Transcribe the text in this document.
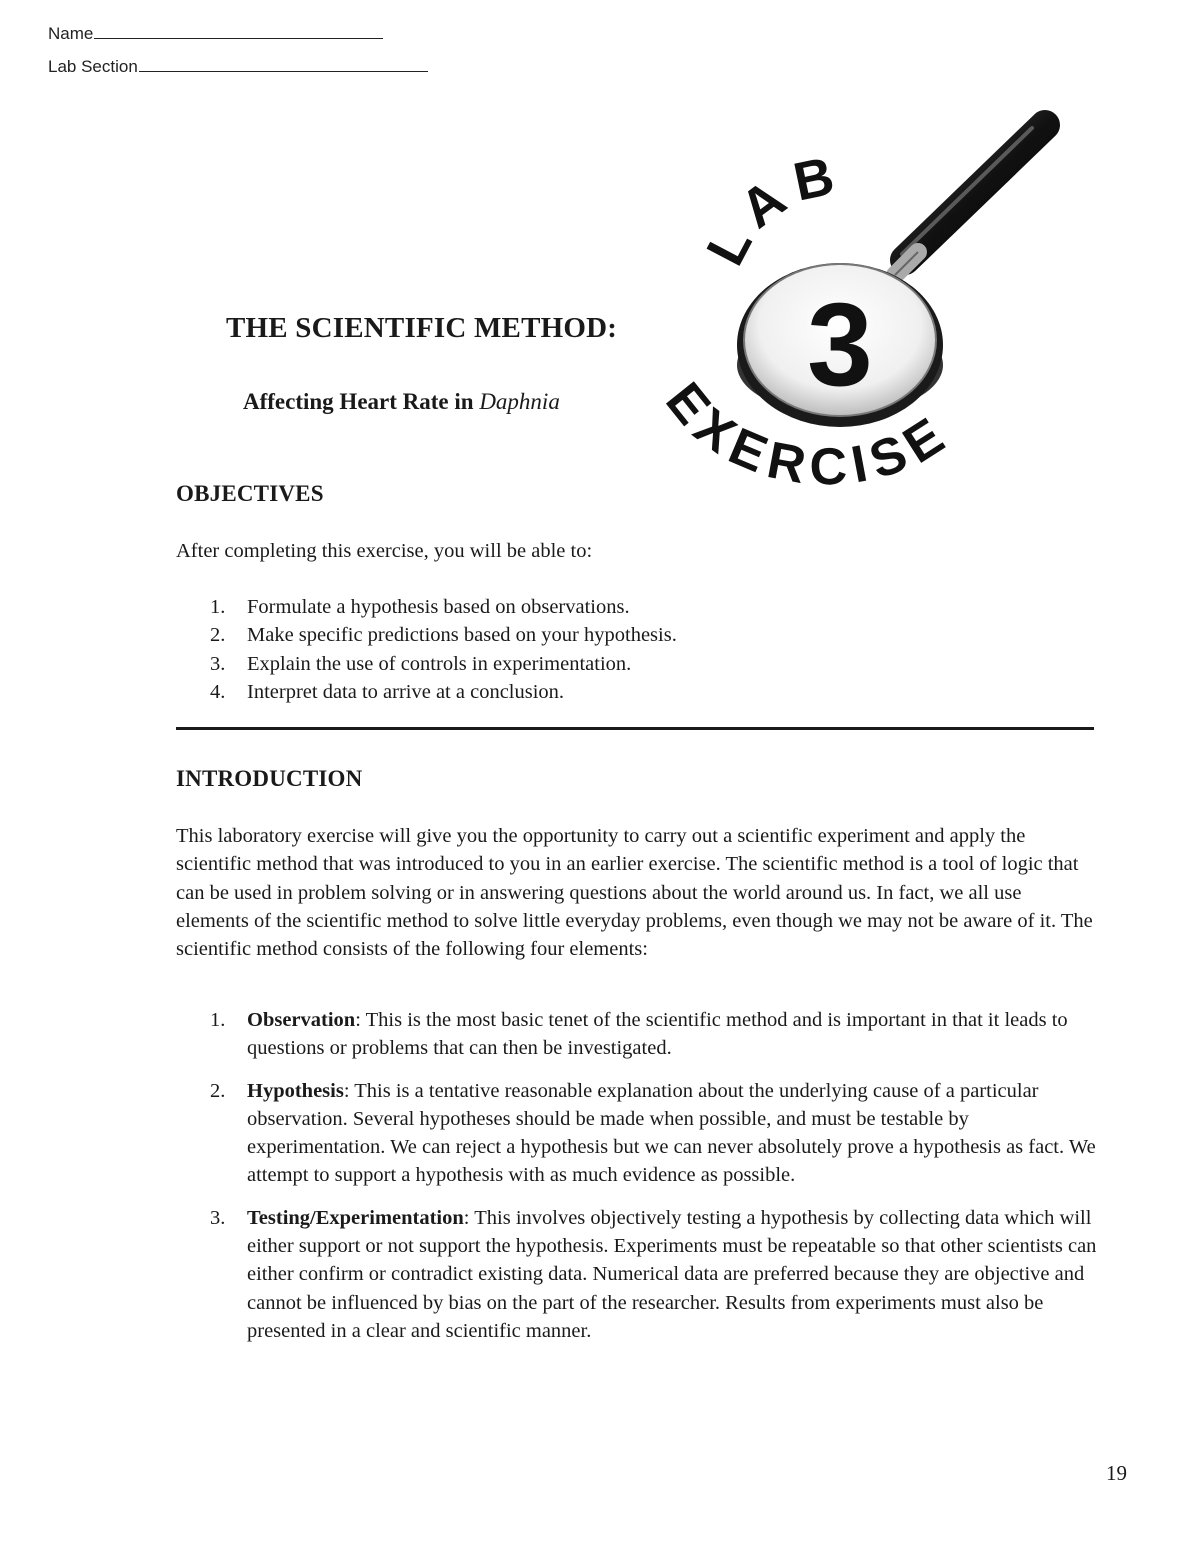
Name
Lab Section
3
LAB
EXERCISE
THE SCIENTIFIC METHOD:
Affecting Heart Rate in Daphnia
OBJECTIVES

After completing this exercise, you will be able to:

1. Formulate a hypothesis based on observations.
2. Make specific predictions based on your hypothesis.
3. Explain the use of controls in experimentation.
4. Interpret data to arrive at a conclusion.
INTRODUCTION

This laboratory exercise will give you the opportunity to carry out a scientific experiment and apply the scientific method that was introduced to you in an earlier exercise. The scientific method is a tool of logic that can be used in problem solving or in answering questions about the world around us. In fact, we all use elements of the scientific method to solve little everyday problems, even though we may not be aware of it. The scientific method consists of the following four elements:

1. Observation: This is the most basic tenet of the scientific method and is important in that it leads to questions or problems that can then be investigated.
2. Hypothesis: This is a tentative reasonable explanation about the underlying cause of a particular observation. Several hypotheses should be made when possible, and must be testable by experimentation. We can reject a hypothesis but we can never absolutely prove a hypothesis as fact. We attempt to support a hypothesis with as much evidence as possible.
3. Testing/Experimentation: This involves objectively testing a hypothesis by collecting data which will either support or not support the hypothesis. Experiments must be repeatable so that other scientists can either confirm or contradict existing data. Numerical data are preferred because they are objective and cannot be influenced by bias on the part of the researcher. Results from experiments must also be presented in a clear and scientific manner.
19
